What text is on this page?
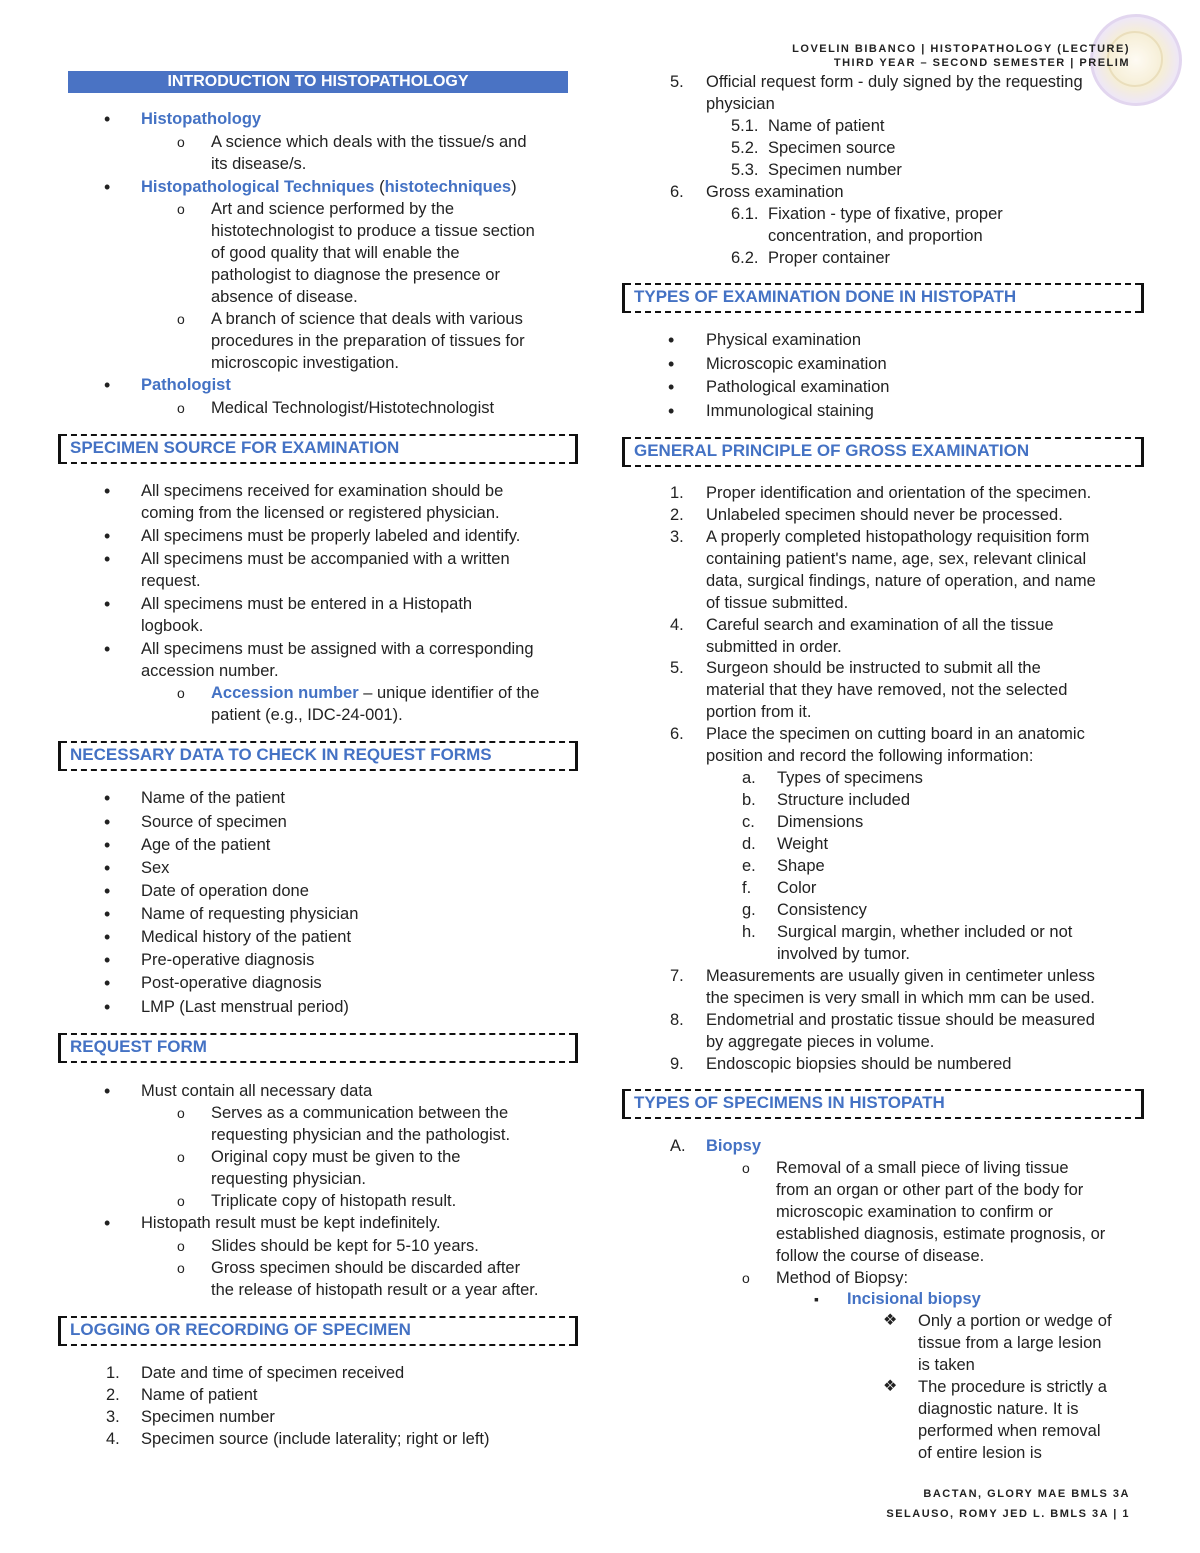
LOVELIN BIBANCO | HISTOPATHOLOGY (LECTURE)
THIRD YEAR – SECOND SEMESTER | PRELIM
INTRODUCTION TO HISTOPATHOLOGY
• Histopathology
o A science which deals with the tissue/s and
its disease/s.
• Histopathological Techniques (histotechniques)
o Art and science performed by the
histotechnologist to produce a tissue section
of good quality that will enable the
pathologist to diagnose the presence or
absence of disease.
o A branch of science that deals with various
procedures in the preparation of tissues for
microscopic investigation.
• Pathologist
o Medical Technologist/Histotechnologist
SPECIMEN SOURCE FOR EXAMINATION
• All specimens received for examination should be
coming from the licensed or registered physician.
• All specimens must be properly labeled and identify.
• All specimens must be accompanied with a written
request.
• All specimens must be entered in a Histopath
logbook.
• All specimens must be assigned with a corresponding
accession number.
o Accession number – unique identifier of the
patient (e.g., IDC-24-001).
NECESSARY DATA TO CHECK IN REQUEST FORMS
• Name of the patient
• Source of specimen
• Age of the patient
• Sex
• Date of operation done
• Name of requesting physician
• Medical history of the patient
• Pre-operative diagnosis
• Post-operative diagnosis
• LMP (Last menstrual period)
REQUEST FORM
• Must contain all necessary data
o Serves as a communication between the
requesting physician and the pathologist.
o Original copy must be given to the
requesting physician.
o Triplicate copy of histopath result.
• Histopath result must be kept indefinitely.
o Slides should be kept for 5-10 years.
o Gross specimen should be discarded after
the release of histopath result or a year after.
LOGGING OR RECORDING OF SPECIMEN
1. Date and time of specimen received
2. Name of patient
3. Specimen number
4. Specimen source (include laterality; right or left)
5. Official request form - duly signed by the requesting
physician
5.1. Name of patient
5.2. Specimen source
5.3. Specimen number
6. Gross examination
6.1. Fixation - type of fixative, proper
concentration, and proportion
6.2. Proper container
TYPES OF EXAMINATION DONE IN HISTOPATH
• Physical examination
• Microscopic examination
• Pathological examination
• Immunological staining
GENERAL PRINCIPLE OF GROSS EXAMINATION
1. Proper identification and orientation of the specimen.
2. Unlabeled specimen should never be processed.
3. A properly completed histopathology requisition form
containing patient's name, age, sex, relevant clinical
data, surgical findings, nature of operation, and name
of tissue submitted.
4. Careful search and examination of all the tissue
submitted in order.
5. Surgeon should be instructed to submit all the
material that they have removed, not the selected
portion from it.
6. Place the specimen on cutting board in an anatomic
position and record the following information:
a. Types of specimens
b. Structure included
c. Dimensions
d. Weight
e. Shape
f. Color
g. Consistency
h. Surgical margin, whether included or not
involved by tumor.
7. Measurements are usually given in centimeter unless
the specimen is very small in which mm can be used.
8. Endometrial and prostatic tissue should be measured
by aggregate pieces in volume.
9. Endoscopic biopsies should be numbered
TYPES OF SPECIMENS IN HISTOPATH
A. Biopsy
o Removal of a small piece of living tissue
from an organ or other part of the body for
microscopic examination to confirm or
established diagnosis, estimate prognosis, or
follow the course of disease.
o Method of Biopsy:
▪ Incisional biopsy
❖ Only a portion or wedge of
tissue from a large lesion
is taken
❖ The procedure is strictly a
diagnostic nature. It is
performed when removal
of entire lesion is
BACTAN, GLORY MAE BMLS 3A
SELAUSO, ROMY JED L. BMLS 3A | 1
